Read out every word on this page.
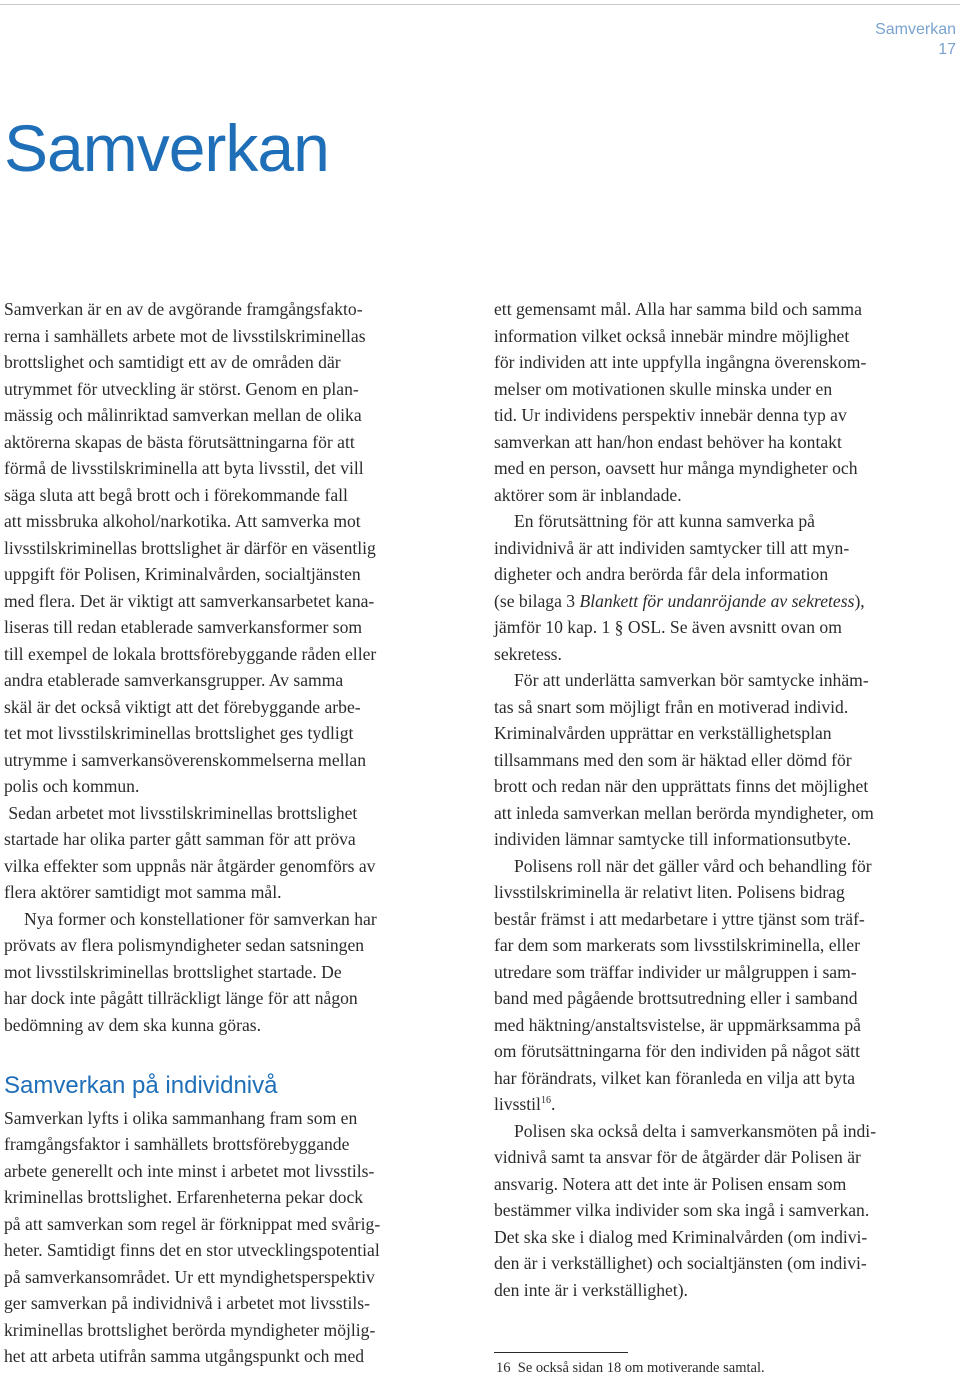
Samverkan
17
Samverkan

Samverkan är en av de avgörande framgångsfakto-

rerna i samhällets arbete mot de livsstilskriminellas

brottslighet och samtidigt ett av de områden där

utrymmet för utveckling är störst. Genom en plan-

mässig och målinriktad samverkan mellan de olika

aktörerna skapas de bästa förutsättningarna för att

förmå de livsstilskriminella att byta livsstil, det vill

säga sluta att begå brott och i förekommande fall

att missbruka alkohol/narkotika. Att samverka mot

livsstilskriminellas brottslighet är därför en väsentlig

uppgift för Polisen, Kriminalvården, socialtjänsten

med flera. Det är viktigt att samverkansarbetet kana-

liseras till redan etablerade samverkansformer som

till exempel de lokala brottsförebyggande råden eller

andra etablerade samverkansgrupper. Av samma

skäl är det också viktigt att det förebyggande arbe-

tet mot livsstilskriminellas brottslighet ges tydligt

utrymme i samverkansöverenskommelserna mellan

polis och kommun.

Sedan arbetet mot livsstilskriminellas brottslighet

startade har olika parter gått samman för att pröva

vilka effekter som uppnås när åtgärder genomförs av

flera aktörer samtidigt mot samma mål.

Nya former och konstellationer för samverkan har

prövats av flera polismyndigheter sedan satsningen

mot livsstilskriminellas brottslighet startade. De

har dock inte pågått tillräckligt länge för att någon

bedömning av dem ska kunna göras.

Samverkan på individnivå

Samverkan lyfts i olika sammanhang fram som en

framgångsfaktor i samhällets brottsförebyggande

arbete generellt och inte minst i arbetet mot livsstils-

kriminellas brottslighet. Erfarenheterna pekar dock

på att samverkan som regel är förknippat med svårig-

heter. Samtidigt finns det en stor utvecklingspotential

på samverkansområdet. Ur ett myndighetsperspektiv

ger samverkan på individnivå i arbetet mot livsstils-

kriminellas brottslighet berörda myndigheter möjlig-

het att arbeta utifrån samma utgångspunkt och med

ett gemensamt mål. Alla har samma bild och samma

information vilket också innebär mindre möjlighet

för individen att inte uppfylla ingångna överenskom-

melser om motivationen skulle minska under en

tid. Ur individens perspektiv innebär denna typ av

samverkan att han/hon endast behöver ha kontakt

med en person, oavsett hur många myndigheter och

aktörer som är inblandade.

En förutsättning för att kunna samverka på

individnivå är att individen samtycker till att myn-

digheter och andra berörda får dela information

(se bilaga 3 Blankett för undanröjande av sekretess),

jämför 10 kap. 1 § OSL. Se även avsnitt ovan om

sekretess.

För att underlätta samverkan bör samtycke inhäm-

tas så snart som möjligt från en motiverad individ.

Kriminalvården upprättar en verkställighetsplan

tillsammans med den som är häktad eller dömd för

brott och redan när den upprättats finns det möjlighet

att inleda samverkan mellan berörda myndigheter, om

individen lämnar samtycke till informationsutbyte.

Polisens roll när det gäller vård och behandling för

livsstilskriminella är relativt liten. Polisens bidrag

består främst i att medarbetare i yttre tjänst som träf-

far dem som markerats som livsstilskriminella, eller

utredare som träffar individer ur målgruppen i sam-

band med pågående brottsutredning eller i samband

med häktning/anstaltsvistelse, är uppmärksamma på

om förutsättningarna för den individen på något sätt

har förändrats, vilket kan föranleda en vilja att byta

livsstil$^{16}$.

Polisen ska också delta i samverkansmöten på indi-

vidnivå samt ta ansvar för de åtgärder där Polisen är

ansvarig. Notera att det inte är Polisen ensam som

bestämmer vilka individer som ska ingå i samverkan.

Det ska ske i dialog med Kriminalvården (om indivi-

den är i verkställighet) och socialtjänsten (om indivi-

den inte är i verkställighet).

16  Se också sidan 18 om motiverande samtal.
